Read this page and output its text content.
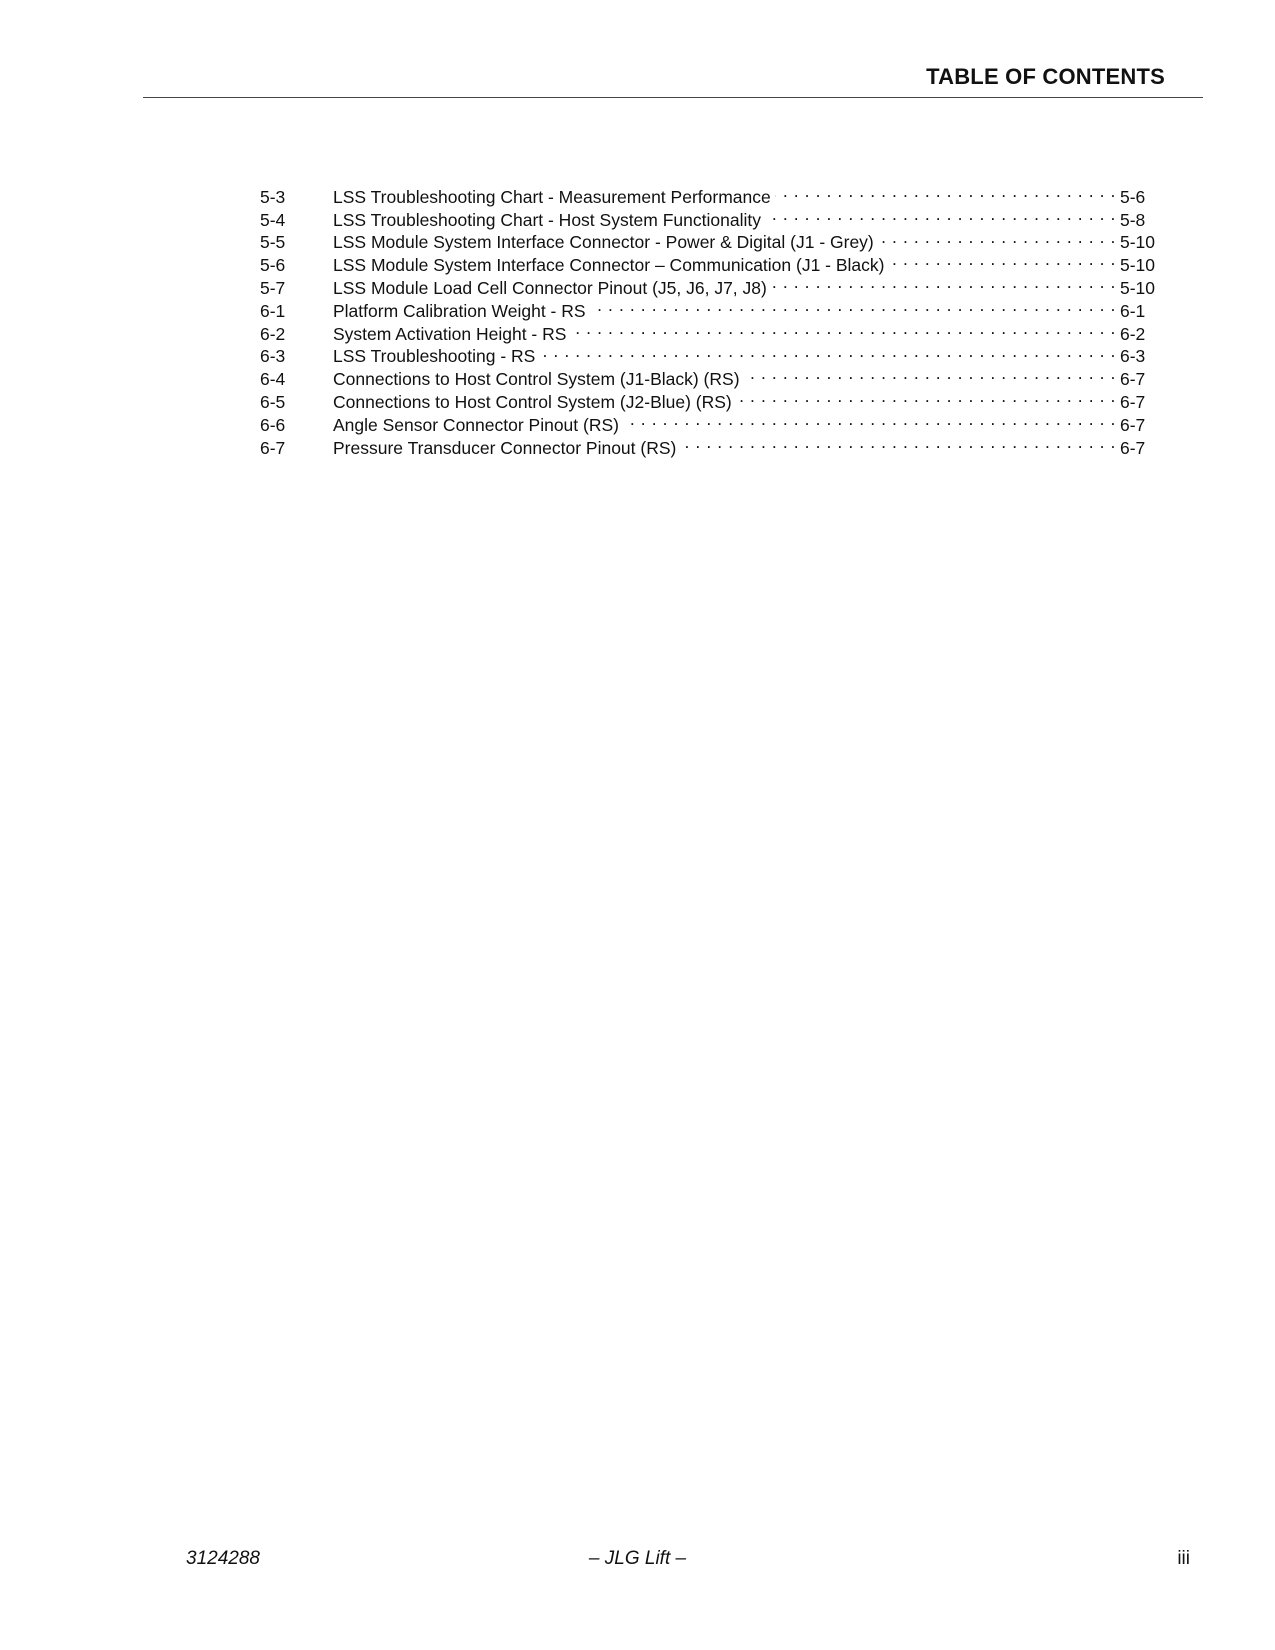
TABLE OF CONTENTS
5-3	LSS Troubleshooting Chart - Measurement Performance . . .	5-6
5-4	LSS Troubleshooting Chart - Host System Functionality . . .	5-8
5-5	LSS Module System Interface Connector - Power & Digital (J1 - Grey) . . .	5-10
5-6	LSS Module System Interface Connector – Communication (J1 - Black) . . .	5-10
5-7	LSS Module Load Cell Connector Pinout (J5, J6, J7, J8) . . .	5-10
6-1	Platform Calibration Weight - RS . . .	6-1
6-2	System Activation Height - RS . . .	6-2
6-3	LSS Troubleshooting - RS . . .	6-3
6-4	Connections to Host Control System (J1-Black) (RS) . . .	6-7
6-5	Connections to Host Control System (J2-Blue) (RS) . . .	6-7
6-6	Angle Sensor Connector Pinout (RS) . . .	6-7
6-7	Pressure Transducer Connector Pinout (RS) . . .	6-7
3124288	– JLG Lift –	iii
